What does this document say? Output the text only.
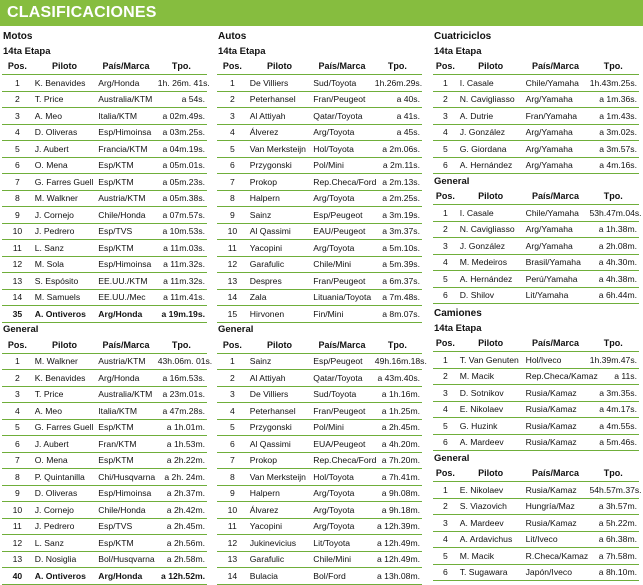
CLASIFICACIONES
Motos
14ta Etapa			
Pos.	Piloto	País/Marca	Tpo.
1	K. Benavides	Arg/Honda	1h. 26m. 41s.
2	T. Price	Australia/KTM	a 54s.
3	A. Meo	Italia/KTM	a 02m.49s.
4	D. Oliveras	Esp/Himoinsa	a 03m.25s.
5	J. Aubert	Francia/KTM	a 04m.19s.
6	O. Mena	Esp/KTM	a 05m.01s.
7	G. Farres Guell	Esp/KTM	a 05m.23s.
8	M. Walkner	Austria/KTM	a 05m.38s.
9	J. Cornejo	Chile/Honda	a 07m.57s.
10	J. Pedrero	Esp/TVS	a 10m.53s.
11	L. Sanz	Esp/KTM	a 11m.03s.
12	M. Sola	Esp/Himoinsa	a 11m.32s.
13	S. Espósito	EE.UU./KTM	a 11m.32s.
14	M. Samuels	EE.UU./Mec	a 11m.41s.
35	A. Ontiveros	Arg/Honda	a 19m.19s.
General			
Pos.	Piloto	País/Marca	Tpo.
1	M. Walkner	Austria/KTM	43h.06m. 01s.
2	K. Benavides	Arg/Honda	a 16m.53s.
3	T. Price	Australia/KTM	a 23m.01s.
4	A. Meo	Italia/KTM	a 47m.28s.
5	G. Farres Guell	Esp/KTM	a 1h.01m.
6	J. Aubert	Fran/KTM	a 1h.53m.
7	O. Mena	Esp/KTM	a 2h.22m.
8	P. Quintanilla	Chi/Husqvarna	a 2h. 24m.
9	D. Oliveras	Esp/Himoinsa	a 2h.37m.
10	J. Cornejo	Chile/Honda	a 2h.42m.
11	J. Pedrero	Esp/TVS	a 2h.45m.
12	L. Sanz	Esp/KTM	a 2h.56m.
13	D. Nosiglia	Bol/Husqvarna	a 2h.58m.
40	A. Ontiveros	Arg/Honda	a 12h.52m.
Autos
14ta Etapa			
Pos.	Piloto	País/Marca	Tpo.
1	De Villiers	Sud/Toyota	1h.26m.29s.
2	Peterhansel	Fran/Peugeot	a 40s.
3	Al Attiyah	Qatar/Toyota	a 41s.
4	Álverez	Arg/Toyota	a 45s.
5	Van Merksteijn	Hol/Toyota	a 2m.06s.
6	Przygonski	Pol/Mini	a 2m.11s.
7	Prokop	Rep.Checa/Ford	a 2m.13s.
8	Halpern	Arg/Toyota	a 2m.25s.
9	Sainz	Esp/Peugeot	a 3m.19s.
10	Al Qassimi	EAU/Peugeot	a 3m.37s.
11	Yacopini	Arg/Toyota	a 5m.10s.
12	Garafulic	Chile/Mini	a 5m.39s.
13	Despres	Fran/Peugeot	a 6m.37s.
14	Zala	Lituania/Toyota	a 7m.48s.
15	Hirvonen	Fin/Mini	a 8m.07s.
General			
Pos.	Piloto	País/Marca	Tpo.
1	Sainz	Esp/Peugeot	49h.16m.18s.
2	Al Attiyah	Qatar/Toyota	a 43m.40s.
3	De Villiers	Sud/Toyota	a 1h.16m.
4	Peterhansel	Fran/Peugeot	a 1h.25m.
5	Przygonski	Pol/Mini	a 2h.45m.
6	Al Qassimi	EUA/Peugeot	a 4h.20m.
7	Prokop	Rep.Checa/Ford	a 7h.20m.
8	Van Merksteijn	Hol/Toyota	a 7h.41m.
9	Halpern	Arg/Toyota	a 9h.08m.
10	Álvarez	Arg/Toyota	a 9h.18m.
11	Yacopini	Arg/Toyota	a 12h.39m.
12	Jukinevicius	Lit/Toyota	a 12h.49m.
13	Garafulic	Chile/Mini	a 12h.49m.
14	Bulacia	Bol/Ford	a 13h.08m.
Cuatriciclos
14ta Etapa			
Pos.	Piloto	País/Marca	Tpo.
1	I. Casale	Chile/Yamaha	1h.43m.25s.
2	N. Cavigliasso	Arg/Yamaha	a 1m.36s.
3	A. Dutrie	Fran/Yamaha	a 1m.43s.
4	J. González	Arg/Yamaha	a 3m.02s.
5	G. Giordana	Arg/Yamaha	a 3m.57s.
6	A. Hernández	Arg/Yamaha	a 4m.16s.
General			
Pos.	Piloto	País/Marca	Tpo.
1	I. Casale	Chile/Yamaha	53h.47m.04s.
2	N. Cavigliasso	Arg/Yamaha	a 1h.38m.
3	J. González	Arg/Yamaha	a 2h.08m.
4	M. Medeiros	Brasil/Yamaha	a 4h.30m.
5	A. Hernández	Perú/Yamaha	a 4h.38m.
6	D. Shilov	Lit/Yamaha	a 6h.44m.
Camiones
14ta Etapa			
Pos.	Piloto	País/Marca	Tpo.
1	T. Van Genuten	Hol/Iveco	1h.39m.47s.
2	M. Macik	Rep.Checa/Kamaz	a 11s.
3	D. Sotnikov	Rusia/Kamaz	a 3m.35s.
4	E. Nikolaev	Rusia/Kamaz	a 4m.17s.
5	G. Huzink	Rusia/Kamaz	a 4m.55s.
6	A. Mardeev	Rusia/Kamaz	a 5m.46s.
General			
Pos.	Piloto	País/Marca	Tpo.
1	E. Nikolaev	Rusia/Kamaz	54h.57m.37s.
2	S. Viazovich	Hungría/Maz	a 3h.57m.
3	A. Mardeev	Rusia/Kamaz	a 5h.22m.
4	A. Ardavichus	Lit/Iveco	a 6h.38m.
5	M. Macik	R.Checa/Kamaz	a 7h.58m.
6	T. Sugawara	Japón/Iveco	a 8h.10m.
